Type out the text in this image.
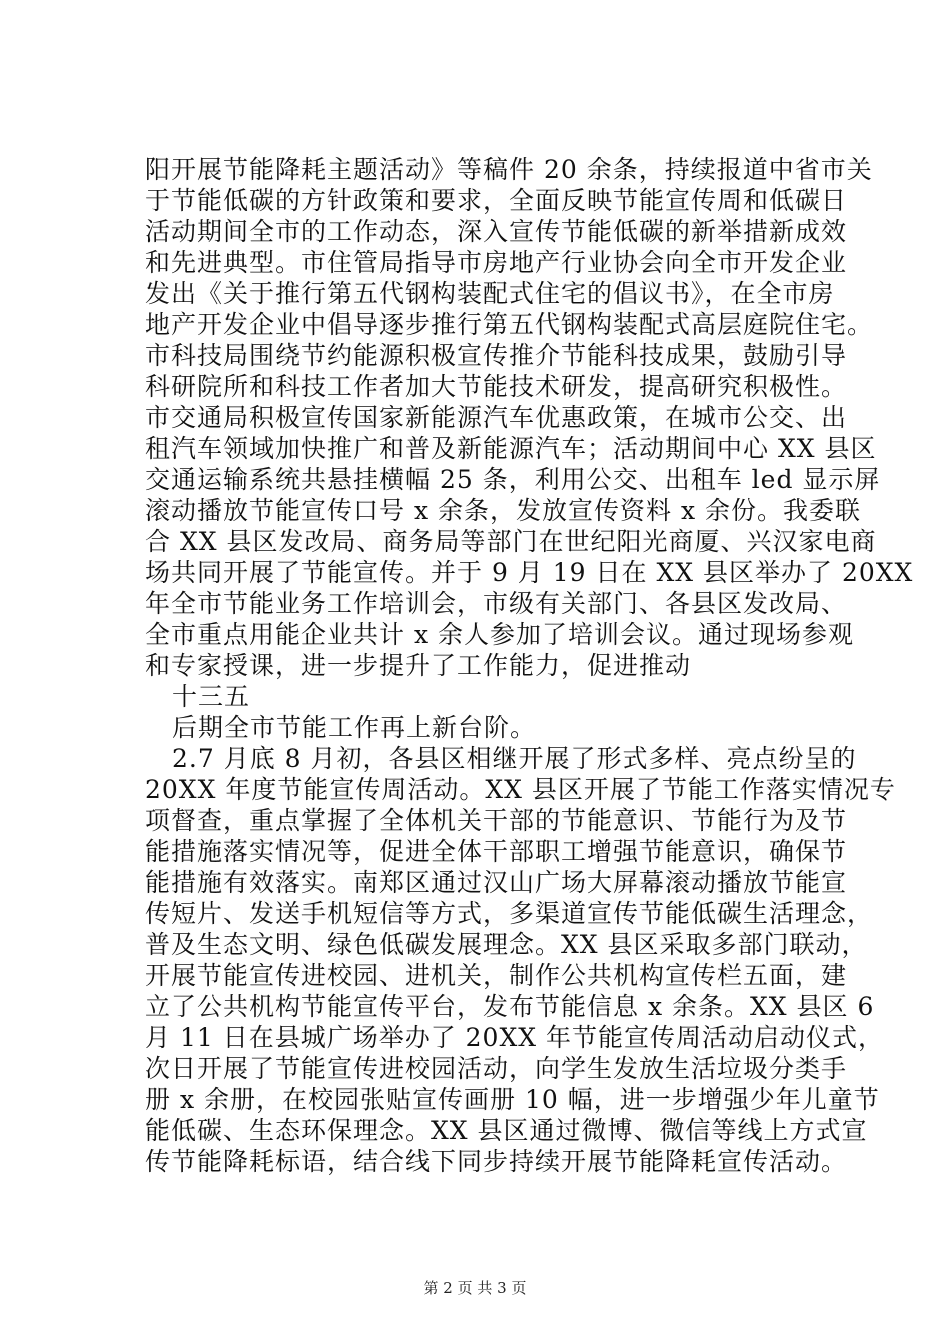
阳开展节能降耗主题活动》等稿件 20 余条，持续报道中省市关
于节能低碳的方针政策和要求，全面反映节能宣传周和低碳日
活动期间全市的工作动态，深入宣传节能低碳的新举措新成效
和先进典型。市住管局指导市房地产行业协会向全市开发企业
发出《关于推行第五代钢构装配式住宅的倡议书》，在全市房
地产开发企业中倡导逐步推行第五代钢构装配式高层庭院住宅。
市科技局围绕节约能源积极宣传推介节能科技成果，鼓励引导
科研院所和科技工作者加大节能技术研发，提高研究积极性。
市交通局积极宣传国家新能源汽车优惠政策，在城市公交、出
租汽车领域加快推广和普及新能源汽车；活动期间中心 XX 县区
交通运输系统共悬挂横幅 25 条，利用公交、出租车 led 显示屏
滚动播放节能宣传口号 x 余条，发放宣传资料 x 余份。我委联
合 XX 县区发改局、商务局等部门在世纪阳光商厦、兴汉家电商
场共同开展了节能宣传。并于 9 月 19 日在 XX 县区举办了 20XX
年全市节能业务工作培训会，市级有关部门、各县区发改局、
全市重点用能企业共计 x 余人参加了培训会议。通过现场参观
和专家授课，进一步提升了工作能力，促进推动
十三五
后期全市节能工作再上新台阶。
2.7 月底 8 月初，各县区相继开展了形式多样、亮点纷呈的
20XX 年度节能宣传周活动。XX 县区开展了节能工作落实情况专
项督查，重点掌握了全体机关干部的节能意识、节能行为及节
能措施落实情况等，促进全体干部职工增强节能意识，确保节
能措施有效落实。南郑区通过汉山广场大屏幕滚动播放节能宣
传短片、发送手机短信等方式，多渠道宣传节能低碳生活理念，
普及生态文明、绿色低碳发展理念。XX 县区采取多部门联动，
开展节能宣传进校园、进机关，制作公共机构宣传栏五面，建
立了公共机构节能宣传平台，发布节能信息 x 余条。XX 县区 6
月 11 日在县城广场举办了 20XX 年节能宣传周活动启动仪式，
次日开展了节能宣传进校园活动，向学生发放生活垃圾分类手
册 x 余册，在校园张贴宣传画册 10 幅，进一步增强少年儿童节
能低碳、生态环保理念。XX 县区通过微博、微信等线上方式宣
传节能降耗标语，结合线下同步持续开展节能降耗宣传活动。
第 2 页 共 3 页
